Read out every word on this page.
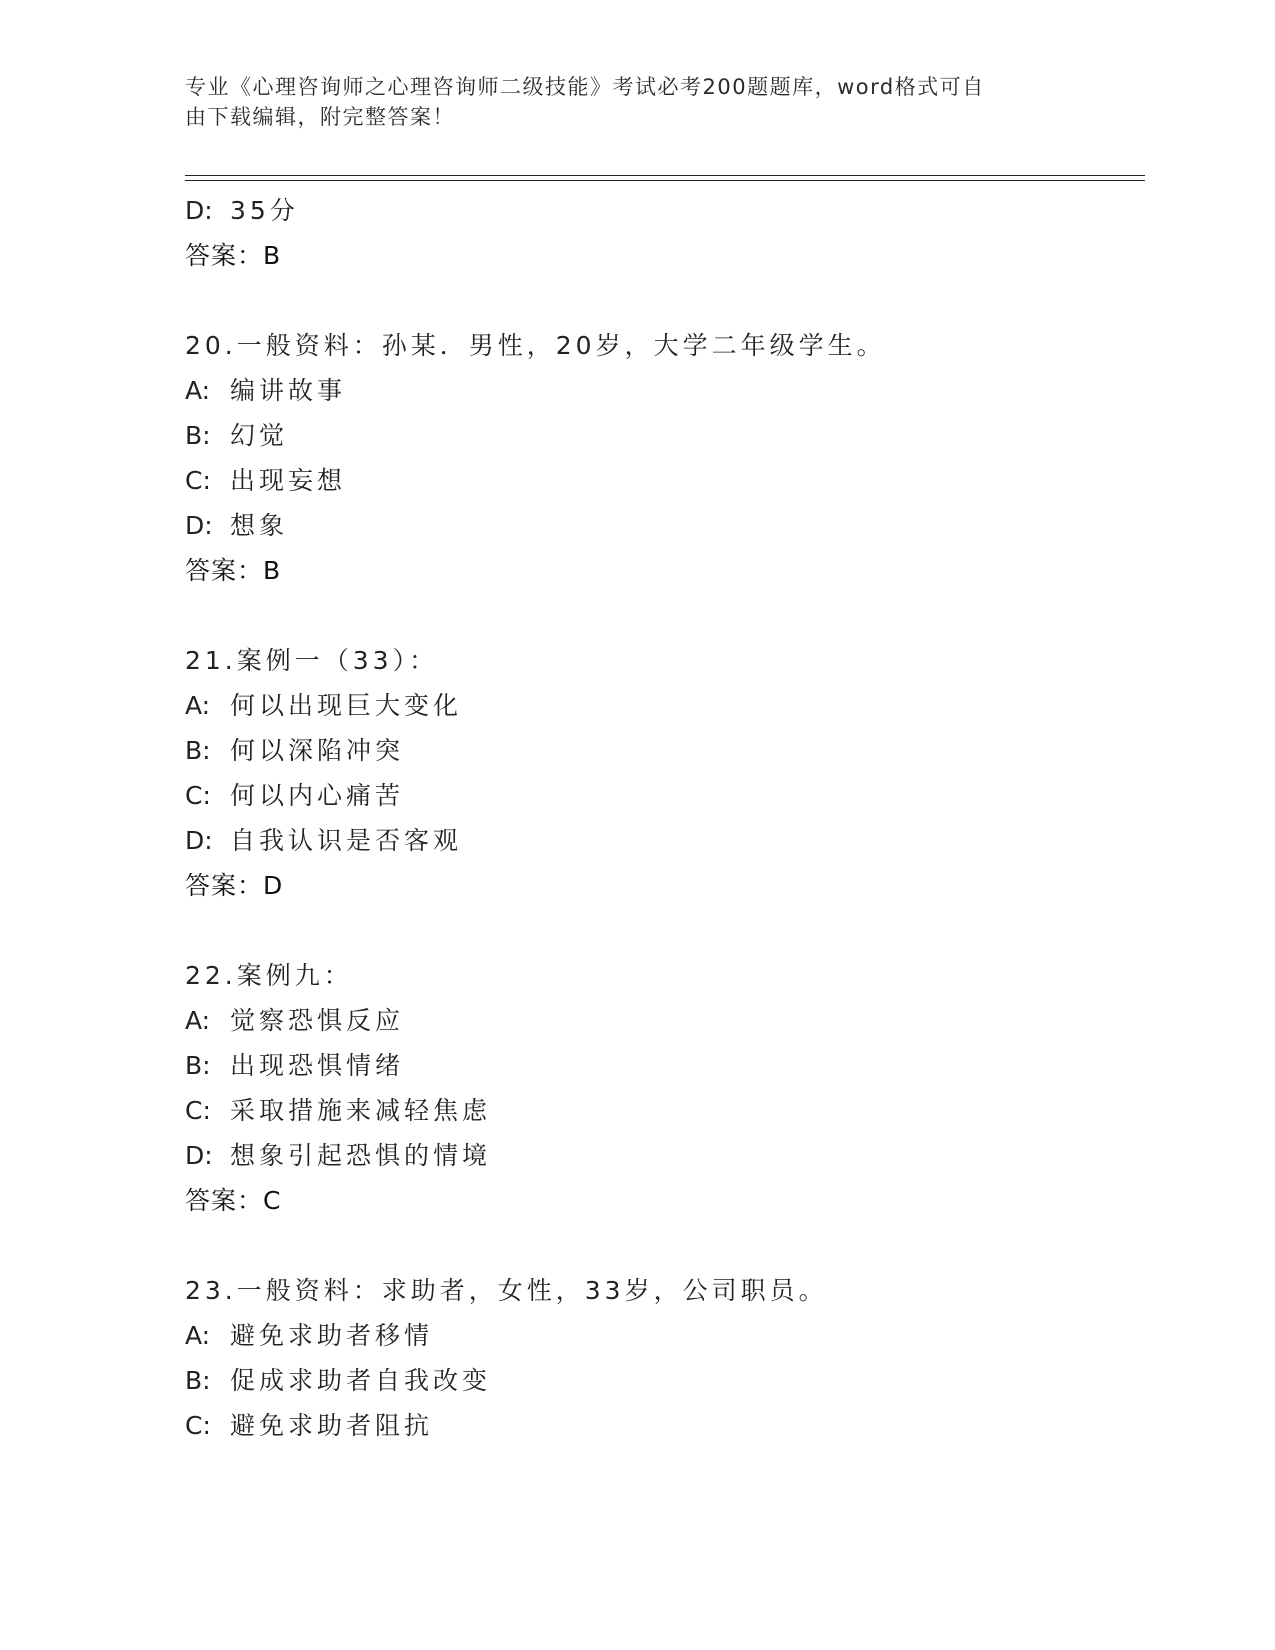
专业《心理咨询师之心理咨询师二级技能》考试必考200题题库，word格式可自
由下载编辑，附完整答案！
D: 35分
答案：B
20.一般资料：孙某．男性，20岁，大学二年级学生。
A: 编讲故事
B: 幻觉
C: 出现妄想
D: 想象
答案：B
21.案例一（33）：
A: 何以出现巨大变化
B: 何以深陷冲突
C: 何以内心痛苦
D: 自我认识是否客观
答案：D
22.案例九：
A: 觉察恐惧反应
B: 出现恐惧情绪
C: 采取措施来减轻焦虑
D: 想象引起恐惧的情境
答案：C
23.一般资料：求助者，女性，33岁，公司职员。
A: 避免求助者移情
B: 促成求助者自我改变
C: 避免求助者阻抗
